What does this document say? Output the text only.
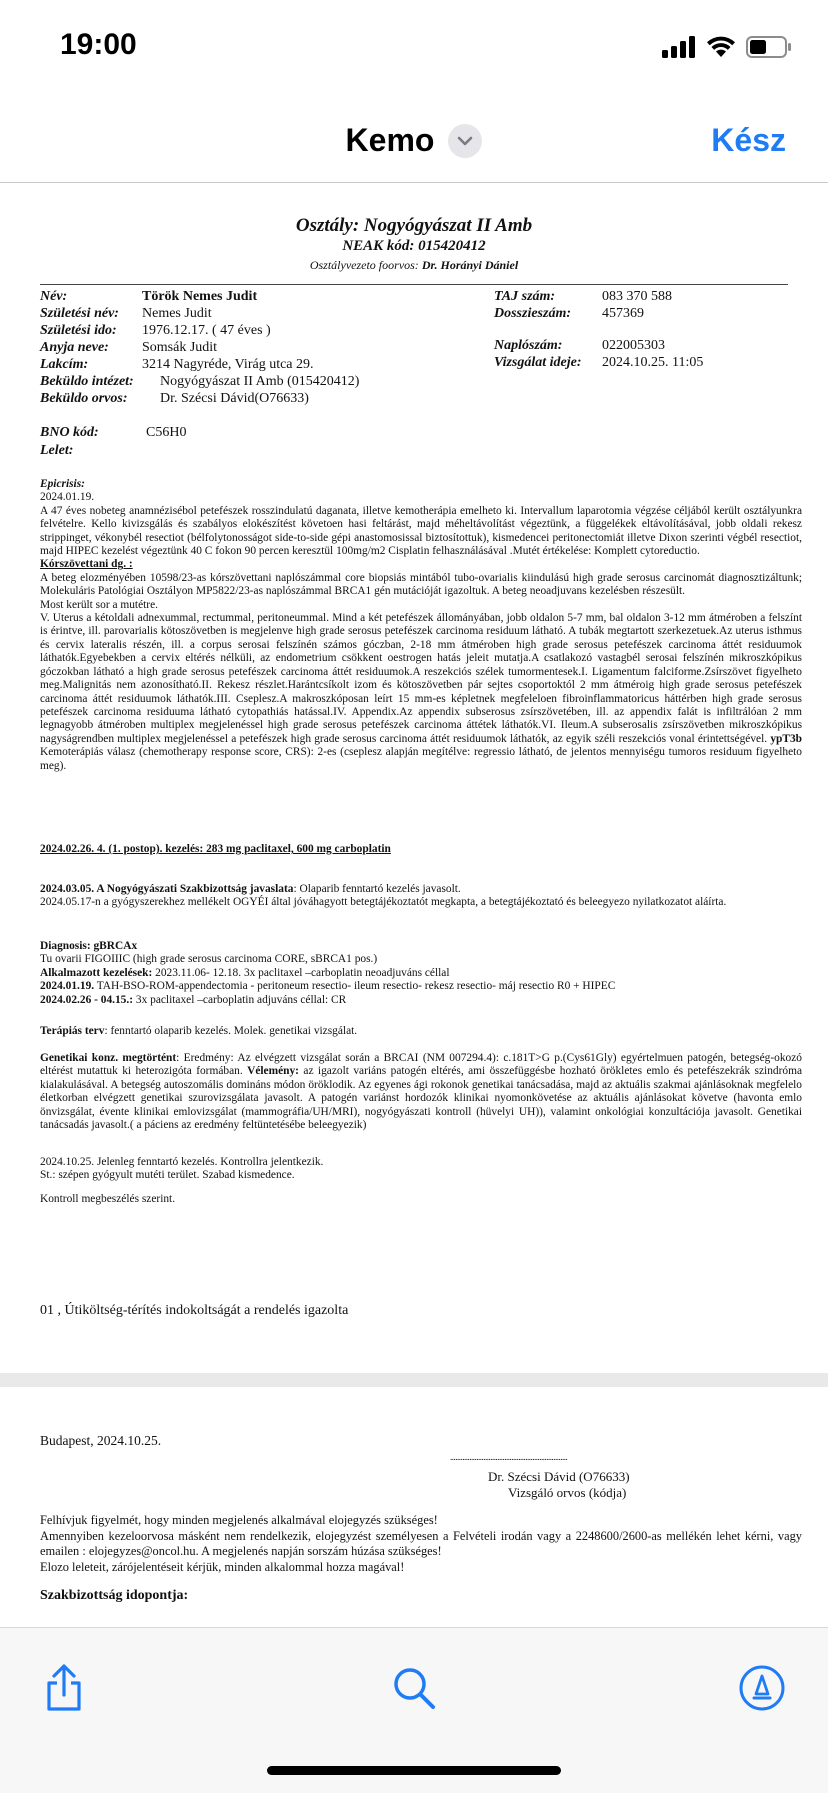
19:00
Kemo	Kész
Osztály: Nogyógyászat II Amb
NEAK kód: 015420412
Osztályvezeto foorvos: Dr. Horányi Dániel
Név:	Török Nemes Judit
Születési név: Nemes Judit
Születési ido: 1976.12.17. ( 47 éves )
Anyja neve: Somsák Judit
Lakcím:	3214 Nagyréde, Virág utca 29.
Beküldo intézet: Nogyógyászat II Amb (015420412)
Beküldo orvos: Dr. Szécsi Dávid(O76633)
TAJ szám:	083 370 588
Dosszieszám: 457369
Naplószám:	022005303
Vizsgálat ideje: 2024.10.25. 11:05
BNO kód:	C56H0
Lelet:

Epicrisis:

2024.01.19.

A 47 éves nobeteg anamnézisébol petefészek rosszindulatú daganata, illetve kemotherápia emelheto ki. Intervallum laparotomia végzése céljából került osztályunkra felvételre. Kello kivizsgálás és szabályos elokészítést követoen hasi feltárást, majd méheltávolítást végeztünk, a függelékek eltávolításával, jobb oldali rekesz strippinget, vékonybél resectiot (bélfolytonosságot side-to-side gépi anastomosissal biztosítottuk), kismedencei peritonectomiát illetve Dixon szerinti végbél resectiot, majd HIPEC kezelést végeztünk 40 C fokon 90 percen keresztül 100mg/m2 Cisplatin felhasználásával .Mutét értékelése: Komplett cytoreductio.

Kórszövettani dg. :

A beteg elozményében 10598/23-as kórszövettani naplószámmal core biopsiás mintából tubo-ovarialis kiindulású high grade serosus carcinomát diagnosztizáltunk; Molekuláris Patológiai Osztályon MP5822/23-as naplószámmal BRCA1 gén mutációját igazoltuk. A beteg neoadjuvans kezelésben részesült.

Most került sor a mutétre.

V. Uterus a kétoldali adnexummal, rectummal, peritoneummal. Mind a két petefészek állományában, jobb oldalon 5-7 mm, bal oldalon 3-12 mm átméroben a felszínt is érintve, ill. parovarialis kötoszövetben is megjelenve high grade serosus petefészek carcinoma residuum látható. A tubák megtartott szerkezetuek.Az uterus isthmus és cervix lateralis részén, ill. a corpus serosai felszínén számos góczban, 2-18 mm átméroben high grade serosus petefészek carcinoma áttét residuumok láthatók.Egyebekben a cervix eltérés nélküli, az endometrium csökkent oestrogen hatás jeleit mutatja.A csatlakozó vastagbél serosai felszínén mikroszkópikus góczokban látható a high grade serosus petefészek carcinoma áttét residuumok.A reszekciós szélek tumormentesek.I. Ligamentum falciforme.Zsírszövet figyelheto meg.Malignitás nem azonosítható.II. Rekesz részlet.Harántcsíkolt izom és kötoszövetben pár sejtes csoportoktól 2 mm átméroig high grade serosus petefészek carcinoma áttét residuumok láthatók.III. Cseplesz.A makroszkóposan leírt 15 mm-es képletnek megfeleloen fibroinflammatoricus háttérben high grade serosus petefészek carcinoma residuuma látható cytopathiás hatással.IV. Appendix.Az appendix subserosus zsírszövetében, ill. az appendix falát is infiltrálóan 2 mm legnagyobb átméroben multiplex megjelenéssel high grade serosus petefészek carcinoma áttétek láthatók.VI. Ileum.A subserosalis zsírszövetben mikroszkópikus nagyságrendben multiplex megjelenéssel a petefészek high grade serosus carcinoma áttét residuumok láthatók, az egyik széli reszekciós vonal érintettségével. ypT3b Kemoterápiás válasz (chemotherapy response score, CRS): 2-es (cseplesz alapján megítélve: regressio látható, de jelentos mennyiségu tumoros residuum figyelheto meg).

2024.02.26. 4. (1. postop). kezelés: 283 mg paclitaxel, 600 mg carboplatin

2024.03.05. A Nogyógyászati Szakbizottság javaslata: Olaparib fenntartó kezelés javasolt.

2024.05.17-n a gyógyszerekhez mellékelt OGYÉI által jóváhagyott betegtájékoztatót megkapta, a betegtájékoztató és beleegyezo nyilatkozatot aláírta.

Diagnosis: gBRCAx

Tu ovarii FIGOIIIC (high grade serosus carcinoma CORE, sBRCA1 pos.)

Alkalmazott kezelések: 2023.11.06- 12.18. 3x paclitaxel –carboplatin neoadjuváns céllal

2024.01.19. TAH-BSO-ROM-appendectomia - peritoneum resectio- ileum resectio- rekesz resectio- máj resectio R0 + HIPEC

2024.02.26 - 04.15.: 3x paclitaxel –carboplatin adjuváns céllal: CR

Terápiás terv: fenntartó olaparib kezelés. Molek. genetikai vizsgálat.

Genetikai konz. megtörtént: Eredmény: Az elvégzett vizsgálat során a BRCAI (NM 007294.4): c.181T>G p.(Cys61Gly) egyértelmuen patogén, betegség-okozó eltérést mutattuk ki heterozigóta formában. Vélemény: az igazolt variáns patogén eltérés, ami összefüggésbe hozható örökletes emlo és petefészekrák szindróma kialakulásával. A betegség autoszomális domináns módon öröklodik. Az egyenes ági rokonok genetikai tanácsadása, majd az aktuális szakmai ajánlásoknak megfelelo életkorban elvégzett genetikai szurovizsgálata javasolt. A patogén variánst hordozók klinikai nyomonkövetése az aktuális ajánlásokat követve (havonta emlo önvizsgálat, évente klinikai emlovizsgálat (mammográfia/UH/MRI), nogyógyászati kontroll (hüvelyi UH)), valamint onkológiai konzultációja javasolt. Genetikai tanácsadás javasolt.( a páciens az eredmény feltüntetésébe beleegyezik)

2024.10.25. Jelenleg fenntartó kezelés. Kontrollra jelentkezik.

St.: szépen gyógyult mutéti terület. Szabad kismedence.

Kontroll megbeszélés szerint.
01 , Útiköltség-térítés indokoltságát a rendelés igazolta
Budapest, 2024.10.25.
...................................................................
Dr. Szécsi Dávid (O76633)
Vizsgáló orvos (kódja)

Felhívjuk figyelmét, hogy minden megjelenés alkalmával elojegyzés szükséges!

Amennyiben kezeloorvosa másként nem rendelkezik, elojegyzést személyesen a Felvételi irodán vagy a 2248600/2600-as mellékén lehet kérni, vagy emailen : elojegyzes@oncol.hu. A megjelenés napján sorszám húzása szükséges!

Elozo leleteit, zárójelentéseit kérjük, minden alkalommal hozza magával!

Szakbizottság idopontja:
